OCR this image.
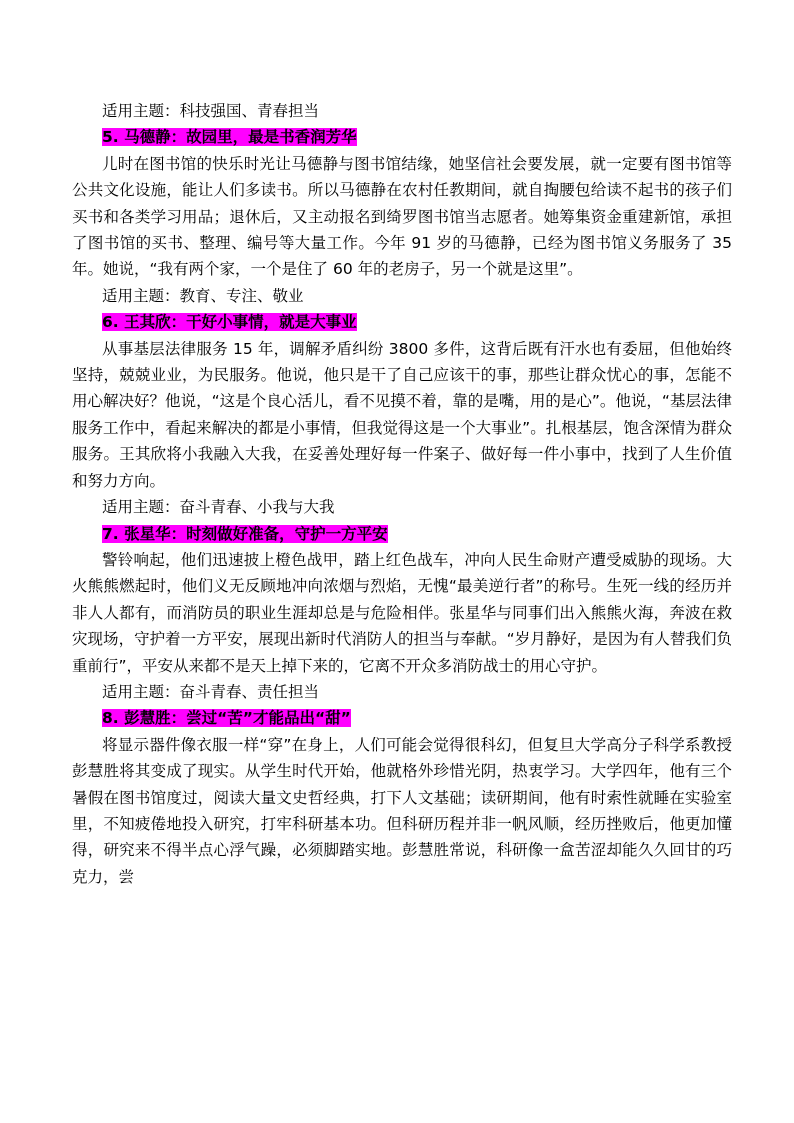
适用主题：科技强国、青春担当

5. 马德静：故园里，最是书香润芳华

儿时在图书馆的快乐时光让马德静与图书馆结缘，她坚信社会要发展，就一定要有图书馆等公共文化设施，能让人们多读书。所以马德静在农村任教期间，就自掏腰包给读不起书的孩子们买书和各类学习用品；退休后，又主动报名到绮罗图书馆当志愿者。她筹集资金重建新馆，承担了图书馆的买书、整理、编号等大量工作。今年 91 岁的马德静，已经为图书馆义务服务了 35 年。她说，“我有两个家，一个是住了 60 年的老房子，另一个就是这里”。

适用主题：教育、专注、敬业

6. 王其欣：干好小事情，就是大事业

从事基层法律服务 15 年，调解矛盾纠纷 3800 多件，这背后既有汗水也有委屈，但他始终坚持，兢兢业业，为民服务。他说，他只是干了自己应该干的事，那些让群众忧心的事，怎能不用心解决好？他说，“这是个良心活儿，看不见摸不着，靠的是嘴，用的是心”。他说，“基层法律服务工作中，看起来解决的都是小事情，但我觉得这是一个大事业”。扎根基层，饱含深情为群众服务。王其欣将小我融入大我，在妥善处理好每一件案子、做好每一件小事中，找到了人生价值和努力方向。

适用主题：奋斗青春、小我与大我

7. 张星华：时刻做好准备，守护一方平安

警铃响起，他们迅速披上橙色战甲，踏上红色战车，冲向人民生命财产遭受威胁的现场。大火熊熊燃起时，他们义无反顾地冲向浓烟与烈焰，无愧“最美逆行者”的称号。生死一线的经历并非人人都有，而消防员的职业生涯却总是与危险相伴。张星华与同事们出入熊熊火海，奔波在救灾现场，守护着一方平安，展现出新时代消防人的担当与奉献。“岁月静好，是因为有人替我们负重前行”，平安从来都不是天上掉下来的，它离不开众多消防战士的用心守护。

适用主题：奋斗青春、责任担当

8. 彭慧胜：尝过“苦”才能品出“甜”

将显示器件像衣服一样“穿”在身上，人们可能会觉得很科幻，但复旦大学高分子科学系教授彭慧胜将其变成了现实。从学生时代开始，他就格外珍惜光阴，热衷学习。大学四年，他有三个暑假在图书馆度过，阅读大量文史哲经典，打下人文基础；读研期间，他有时索性就睡在实验室里，不知疲倦地投入研究，打牢科研基本功。但科研历程并非一帆风顺，经历挫败后，他更加懂得，研究来不得半点心浮气躁，必须脚踏实地。彭慧胜常说，科研像一盒苦涩却能久久回甘的巧克力，尝
